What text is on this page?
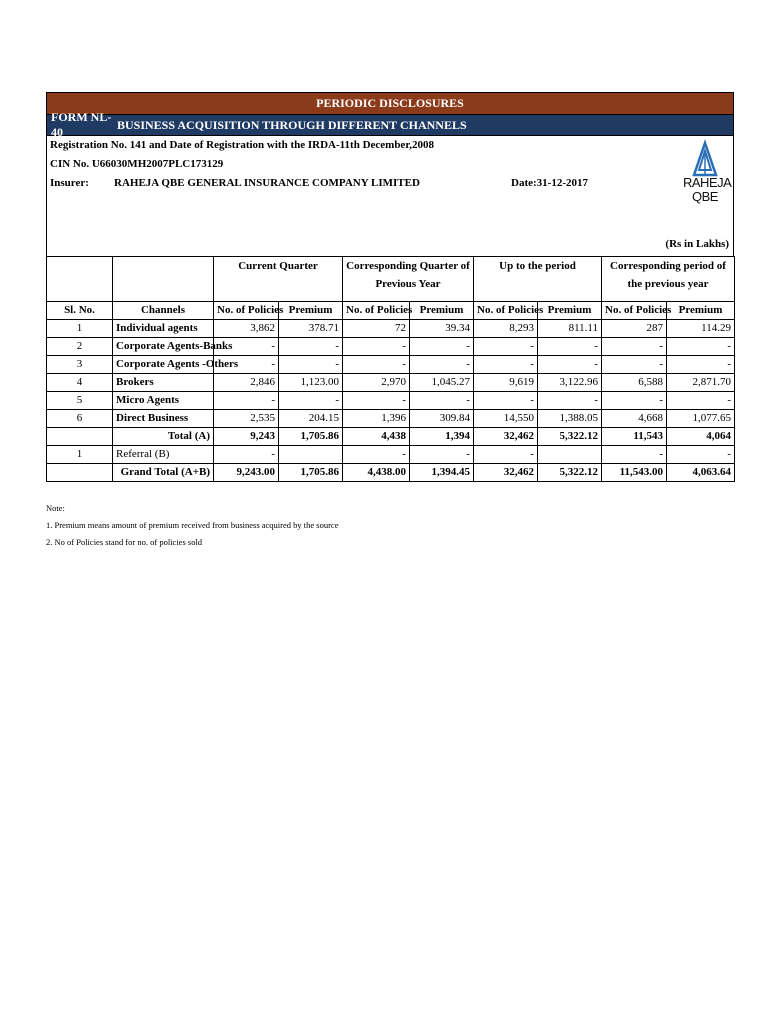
PERIODIC DISCLOSURES
FORM NL-40
BUSINESS ACQUISITION THROUGH DIFFERENT CHANNELS
Registration No. 141 and Date of Registration with the IRDA-11th December,2008
CIN No. U66030MH2007PLC173129
Insurer: RAHEJA QBE GENERAL INSURANCE COMPANY LIMITED	Date:31-12-2017	RAHEJA
QBE
(Rs in Lakhs)
		Current Quarter		Corresponding Quarter of Previous Year		Up to the period		Corresponding period of the previous year	

Sl. No.	Channels	No. of Policies	Premium	No. of Policies	Premium	No. of Policies	Premium	No. of Policies	Premium
1	Individual agents	3,862	378.71	72	39.34	8,293	811.11	287	114.29
2	Corporate Agents-Banks	-	-	-	-	-	-	-	-
3	Corporate Agents -Others	-	-	-	-	-	-	-	-
4	Brokers	2,846	1,123.00	2,970	1,045.27	9,619	3,122.96	6,588	2,871.70
5	Micro Agents	-	-	-	-	-	-	-	-
6	Direct Business	2,535	204.15	1,396	309.84	14,550	1,388.05	4,668	1,077.65
	Total (A)	9,243	1,705.86	4,438	1,394	32,462	5,322.12	11,543	4,064
1	Referral (B)	-		-	-	-		-	-
	Grand Total (A+B)	9,243.00	1,705.86	4,438.00	1,394.45	32,462	5,322.12	11,543.00	4,063.64
Note:
1. Premium means amount of premium received from business acquired by the source
2. No of Policies stand for no. of policies sold
